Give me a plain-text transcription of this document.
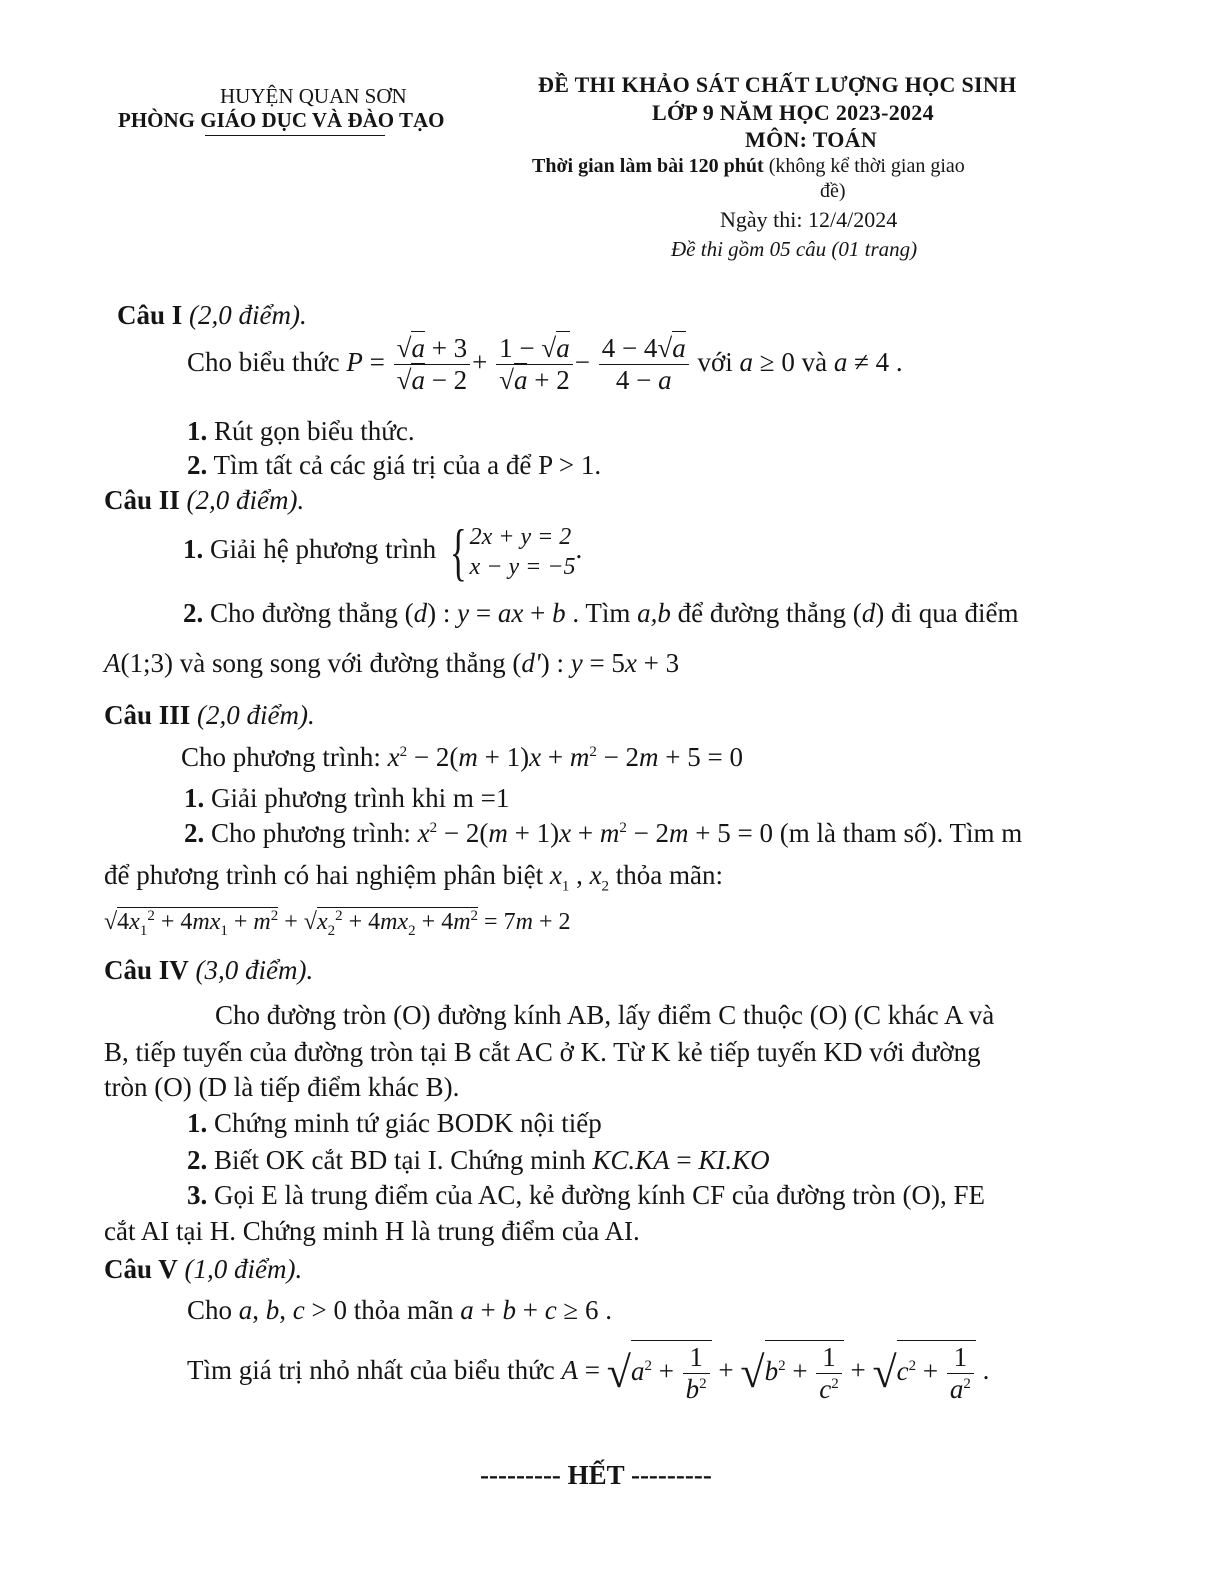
HUYỆN QUAN SƠN
PHÒNG GIÁO DỤC VÀ ĐÀO TẠO
ĐỀ THI KHẢO SÁT CHẤT LƯỢNG HỌC SINH
LỚP 9 NĂM HỌC 2023-2024
MÔN: TOÁN
Thời gian làm bài 120 phút (không kể thời gian giao
đề)
Ngày thi: 12/4/2024
Đề thi gồm 05 câu (01 trang)
Câu I (2,0 điểm).
Cho biểu thức $P = \frac{√a + 3}{√a - 2} + \frac{1 - √a}{√a + 2} - \frac{4 - 4√a}{4 - a}$ với a ≥ 0 và a ≠ 4 .
1. Rút gọn biểu thức.
2. Tìm tất cả các giá trị của a để P > 1.
Câu II (2,0 điểm).
1. Giải hệ phương trình { 2x + y = 2
x − y = −5
.
2. Cho đường thẳng (d) : y = ax + b . Tìm a,b để đường thẳng (d) đi qua điểm
A(1;3) và song song với đường thẳng (d') : y = 5x + 3
Câu III (2,0 điểm).
Cho phương trình: $x^2 - 2(m + 1)x + m^2 - 2m + 5 = 0$
1. Giải phương trình khi m =1
2. Cho phương trình: $x^2 - 2(m + 1)x + m^2 - 2m + 5 = 0$ (m là tham số). Tìm m
để phương trình có hai nghiệm phân biệt $x_1$ , $x_2$ thỏa mãn:
$√4x_1^2 + 4mx_1 + m^2 + √x_2^2 + 4mx_2 + 4m^2 = 7m + 2$
Câu IV (3,0 điểm).
Cho đường tròn (O) đường kính AB, lấy điểm C thuộc (O) (C khác A và
B, tiếp tuyến của đường tròn tại B cắt AC ở K. Từ K kẻ tiếp tuyến KD với đường
tròn (O) (D là tiếp điểm khác B).
1. Chứng minh tứ giác BODK nội tiếp
2. Biết OK cắt BD tại I. Chứng minh KC.KA = KI.KO
3. Gọi E là trung điểm của AC, kẻ đường kính CF của đường tròn (O), FE
cắt AI tại H. Chứng minh H là trung điểm của AI.
Câu V (1,0 điểm).
Cho a, b, c > 0 thỏa mãn a + b + c ≥ 6 .
Tìm giá trị nhỏ nhất của biểu thức $A = √a^2 + \frac{1}{b^2} + √b^2 + \frac{1}{c^2} + √c^2 + \frac{1}{a^2}$ .
--------- HẾT ---------
